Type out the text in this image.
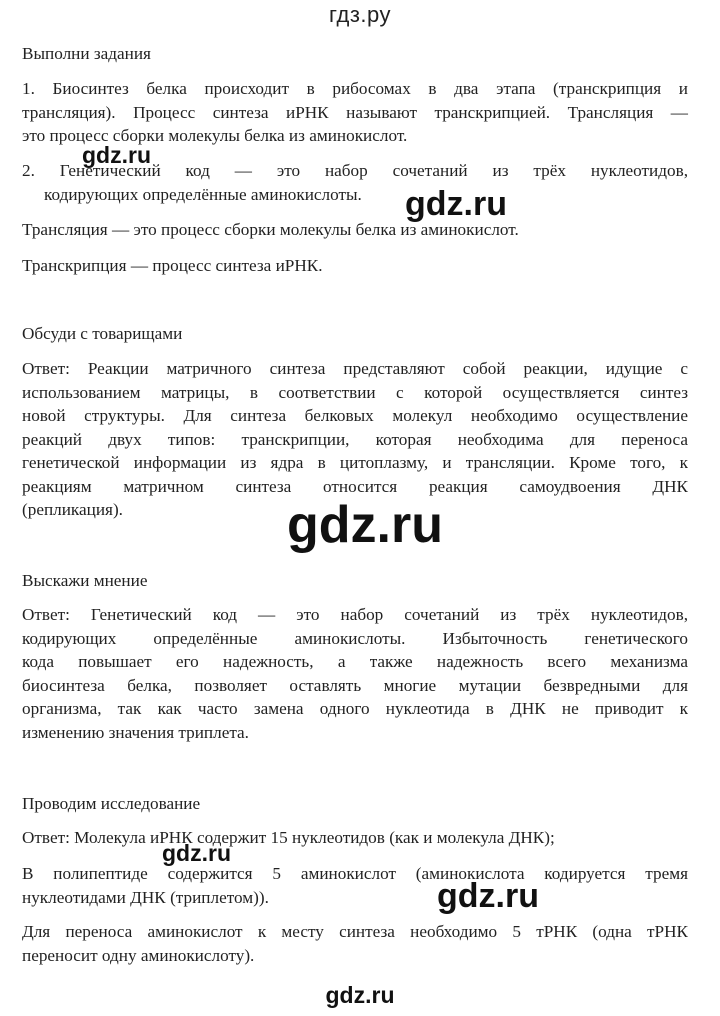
гдз.ру
Выполни задания
1. Биосинтез белка происходит в рибосомах в два этапа (транскрипция и
трансляция). Процесс синтеза иРНК называют транскрипцией. Трансляция —
это процесс сборки молекулы белка из аминокислот.
2. Генетический код — это набор сочетаний из трёх нуклеотидов,
кодирующих определённые аминокислоты.
Трансляция — это процесс сборки молекулы белка из аминокислот.
Транскрипция — процесс синтеза иРНК.
Обсуди с товарищами
Ответ: Реакции матричного синтеза представляют собой реакции, идущие с
использованием матрицы, в соответствии с которой осуществляется синтез
новой структуры. Для синтеза белковых молекул необходимо осуществление
реакций двух типов: транскрипции, которая необходима для переноса
генетической информации из ядра в цитоплазму, и трансляции. Кроме того, к
реакциям матричном синтеза относится реакция самоудвоения ДНК
(репликация).
Выскажи мнение
Ответ: Генетический код — это набор сочетаний из трёх нуклеотидов,
кодирующих определённые аминокислоты. Избыточность генетического
кода повышает его надежность, а также надежность всего механизма
биосинтеза белка, позволяет оставлять многие мутации безвредными для
организма, так как часто замена одного нуклеотида в ДНК не приводит к
изменению значения триплета.
Проводим исследование
Ответ: Молекула иРНК содержит 15 нуклеотидов (как и молекула ДНК);
В полипептиде содержится 5 аминокислот (аминокислота кодируется тремя
нуклеотидами ДНК (триплетом)).
Для переноса аминокислот к месту синтеза необходимо 5 тРНК (одна тРНК
переносит одну аминокислоту).
gdz.ru
gdz.ru
gdz.ru
gdz.ru
gdz.ru
gdz.ru
